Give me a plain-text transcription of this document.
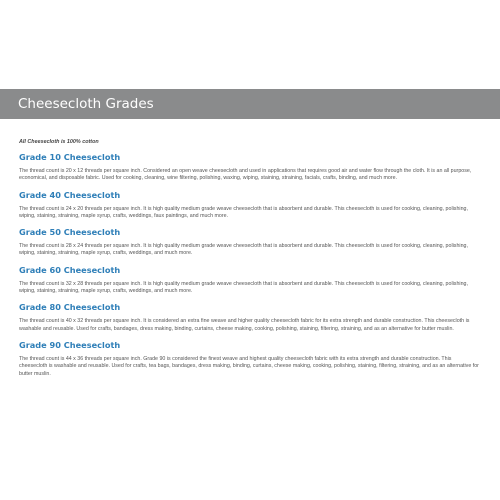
Cheesecloth Grades

All Cheesecloth is 100% cotton

Grade 10 Cheesecloth

The thread count is 20 x 12 threads per square inch. Considered an open weave cheesecloth and used in applications that requires good air and water flow through the cloth. It is an all purpose, economical, and disposable fabric. Used for cooking, cleaning, wine filtering, polishing, waxing, wiping, staining, straining, facials, crafts, binding, and much more.

Grade 40 Cheesecloth

The thread count is 24 x 20 threads per square inch. It is high quality medium grade weave cheesecloth that is absorbent and durable. This cheesecloth is used for cooking, cleaning, polishing, wiping, staining, straining, maple syrup, crafts, weddings, faux paintings, and much more.

Grade 50 Cheesecloth

The thread count is 28 x 24 threads per square inch. It is high quality medium grade weave cheesecloth that is absorbent and durable. This cheesecloth is used for cooking, cleaning, polishing, wiping, staining, straining, maple syrup, crafts, weddings, and much more.

Grade 60 Cheesecloth

The thread count is 32 x 28 threads per square inch. It is high quality medium grade weave cheesecloth that is absorbent and durable. This cheesecloth is used for cooking, cleaning, polishing, wiping, staining, straining, maple syrup, crafts, weddings, and much more.

Grade 80 Cheesecloth

The thread count is 40 x 32 threads per square inch. It is considered an extra fine weave and higher quality cheesecloth fabric for its extra strength and durable construction. This cheesecloth is washable and reusable. Used for crafts, bandages, dress making, binding, curtains, cheese making, cooking, polishing, staining, filtering, straining, and as an alternative for butter muslin.

Grade 90 Cheesecloth

The thread count is 44 x 36 threads per square inch. Grade 90 is considered the finest weave and highest quality cheesecloth fabric with its extra strength and durable construction. This cheesecloth is washable and reusable. Used for crafts, tea bags, bandages, dress making, binding, curtains, cheese making, cooking, polishing, staining, filtering, straining, and as an alternative for butter muslin.
